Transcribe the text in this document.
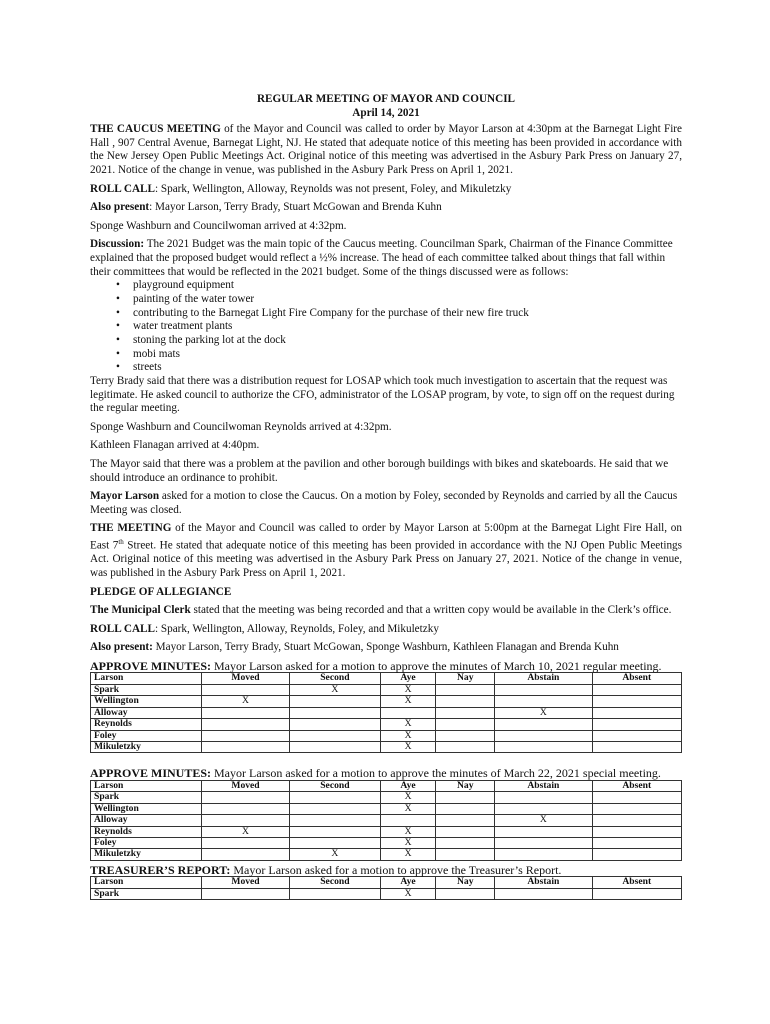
REGULAR MEETING OF MAYOR AND COUNCIL
April 14, 2021

THE CAUCUS MEETING of the Mayor and Council was called to order by Mayor Larson at 4:30pm at the Barnegat Light Fire Hall , 907 Central Avenue, Barnegat Light, NJ. He stated that adequate notice of this meeting has been provided in accordance with the New Jersey Open Public Meetings Act. Original notice of this meeting was advertised in the Asbury Park Press on January 27, 2021. Notice of the change in venue, was published in the Asbury Park Press on April 1, 2021.

ROLL CALL: Spark, Wellington, Alloway, Reynolds was not present, Foley, and Mikuletzky

Also present: Mayor Larson, Terry Brady, Stuart McGowan and Brenda Kuhn

Sponge Washburn and Councilwoman arrived at 4:32pm.

Discussion: The 2021 Budget was the main topic of the Caucus meeting. Councilman Spark, Chairman of the Finance Committee explained that the proposed budget would reflect a ½% increase. The head of each committee talked about things that fall within their committees that would be reflected in the 2021 budget. Some of the things discussed were as follows:

• playground equipment
• painting of the water tower
• contributing to the Barnegat Light Fire Company for the purchase of their new fire truck
• water treatment plants
• stoning the parking lot at the dock
• mobi mats
• streets

Terry Brady said that there was a distribution request for LOSAP which took much investigation to ascertain that the request was legitimate. He asked council to authorize the CFO, administrator of the LOSAP program, by vote, to sign off on the request during the regular meeting.

Sponge Washburn and Councilwoman Reynolds arrived at 4:32pm.

Kathleen Flanagan arrived at 4:40pm.

The Mayor said that there was a problem at the pavilion and other borough buildings with bikes and skateboards. He said that we should introduce an ordinance to prohibit.

Mayor Larson asked for a motion to close the Caucus. On a motion by Foley, seconded by Reynolds and carried by all the Caucus Meeting was closed.

THE MEETING of the Mayor and Council was called to order by Mayor Larson at 5:00pm at the Barnegat Light Fire Hall, on East 7th Street. He stated that adequate notice of this meeting has been provided in accordance with the NJ Open Public Meetings Act. Original notice of this meeting was advertised in the Asbury Park Press on January 27, 2021. Notice of the change in venue, was published in the Asbury Park Press on April 1, 2021.

PLEDGE OF ALLEGIANCE

The Municipal Clerk stated that the meeting was being recorded and that a written copy would be available in the Clerk’s office.

ROLL CALL: Spark, Wellington, Alloway, Reynolds, Foley, and Mikuletzky

Also present: Mayor Larson, Terry Brady, Stuart McGowan, Sponge Washburn, Kathleen Flanagan and Brenda Kuhn

APPROVE MINUTES: Mayor Larson asked for a motion to approve the minutes of March 10, 2021 regular meeting.

Larson	Moved	Second	Aye	Nay	Abstain	Absent
Spark		X	X			
Wellington	X		X			
Alloway					X	
Reynolds			X			
Foley			X			
Mikuletzky			X			

APPROVE MINUTES: Mayor Larson asked for a motion to approve the minutes of March 22, 2021 special meeting.

Larson	Moved	Second	Aye	Nay	Abstain	Absent
Spark			X			
Wellington			X			
Alloway					X	
Reynolds	X		X			
Foley			X			
Mikuletzky		X	X			

TREASURER’S REPORT: Mayor Larson asked for a motion to approve the Treasurer’s Report.

Larson	Moved	Second	Aye	Nay	Abstain	Absent
Spark			X			
